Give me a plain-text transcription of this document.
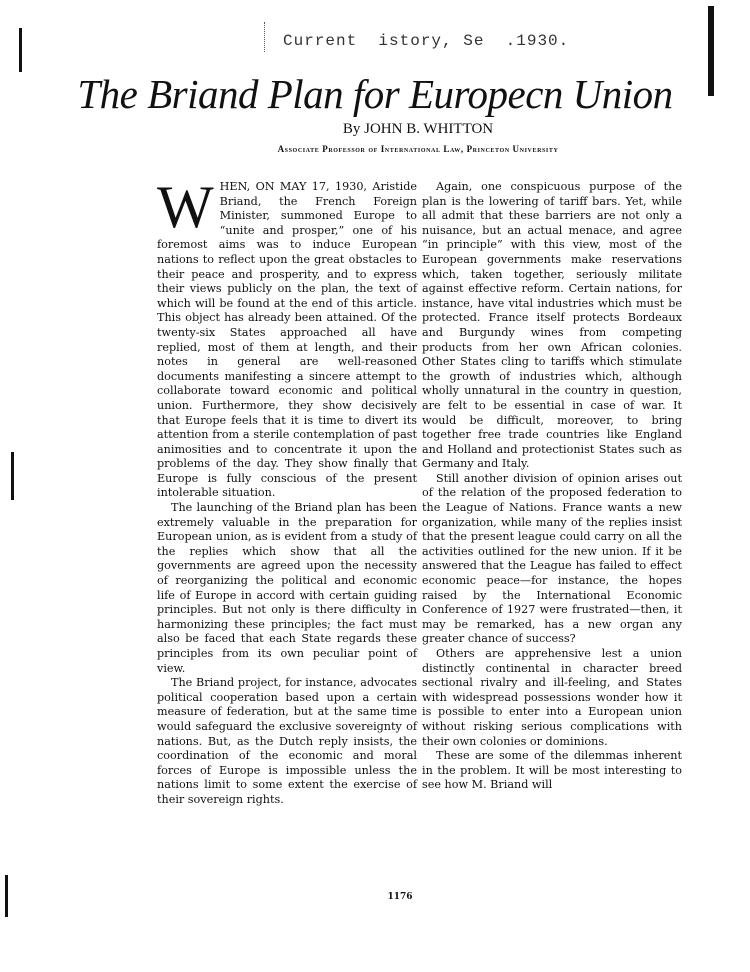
Current  istory, Se  .1930.
The Briand Plan for Europecn Union
By JOHN B. WHITTON
Associate Professor of International Law, Princeton University

WHEN, ON MAY 17, 1930, Aristide Briand, the French Foreign Minister, summoned Europe to “unite and prosper,” one of his foremost aims was to induce European nations to reflect upon the great obstacles to their peace and prosperity, and to express their views publicly on the plan, the text of which will be found at the end of this article. This object has already been attained. Of the twenty-six States approached all have replied, most of them at length, and their notes in general are well-reasoned documents manifesting a sincere attempt to collaborate toward economic and political union. Furthermore, they show decisively that Europe feels that it is time to divert its attention from a sterile contemplation of past animosities and to concentrate it upon the problems of the day. They show finally that Europe is fully conscious of the present intolerable situation.

The launching of the Briand plan has been extremely valuable in the preparation for European union, as is evident from a study of the replies which show that all the governments are agreed upon the necessity of reorganizing the political and economic life of Europe in accord with certain guiding principles. But not only is there difficulty in harmonizing these principles; the fact must also be faced that each State regards these principles from its own peculiar point of view.

The Briand project, for instance, advocates political cooperation based upon a certain measure of federation, but at the same time would safeguard the exclusive sovereignty of nations. But, as the Dutch reply insists, the coordination of the economic and moral forces of Europe is impossible unless the nations limit to some extent the exercise of their sovereign rights.

Again, one conspicuous purpose of the plan is the lowering of tariff bars. Yet, while all admit that these barriers are not only a nuisance, but an actual menace, and agree “in principle” with this view, most of the European governments make reservations which, taken together, seriously militate against effective reform. Certain nations, for instance, have vital industries which must be protected. France itself protects Bordeaux and Burgundy wines from competing products from her own African colonies. Other States cling to tariffs which stimulate the growth of industries which, although wholly unnatural in the country in question, are felt to be essential in case of war. It would be difficult, moreover, to bring together free trade countries like England and Holland and protectionist States such as Germany and Italy.

Still another division of opinion arises out of the relation of the proposed federation to the League of Nations. France wants a new organization, while many of the replies insist that the present league could carry on all the activities outlined for the new union. If it be answered that the League has failed to effect economic peace—for instance, the hopes raised by the International Economic Conference of 1927 were frustrated—then, it may be remarked, has a new organ any greater chance of success?

Others are apprehensive lest a union distinctly continental in character breed sectional rivalry and ill-feeling, and States with widespread possessions wonder how it is possible to enter into a European union without risking serious complications with their own colonies or dominions.

These are some of the dilemmas inherent in the problem. It will be most interesting to see how M. Briand will

1176
